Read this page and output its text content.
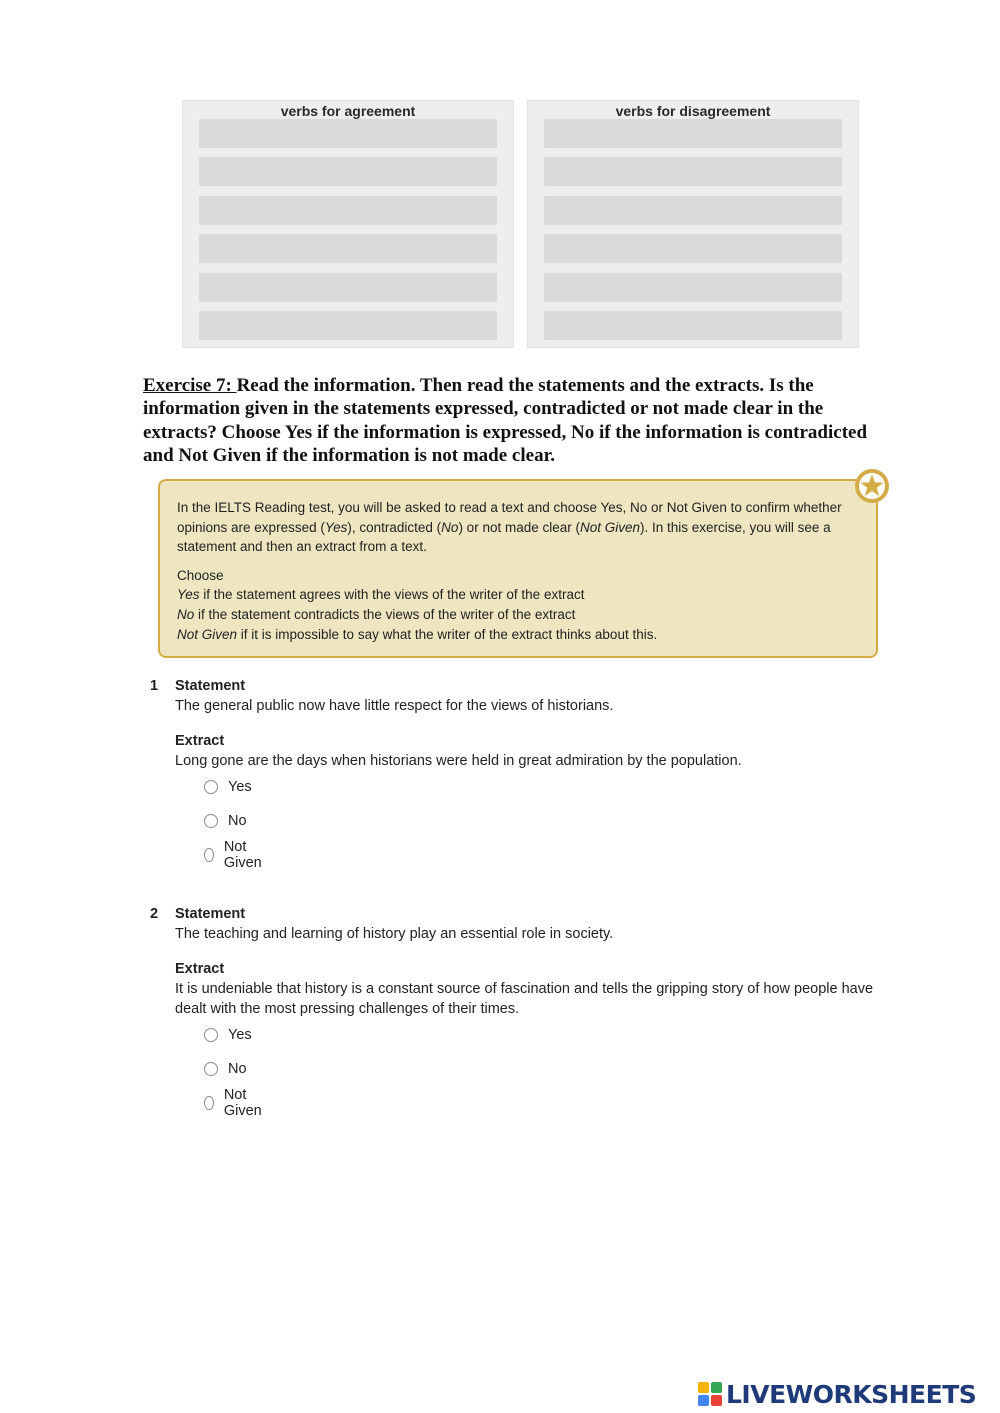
verbs for agreement	verbs for disagreement
Exercise 7: Read the information. Then read the statements and the extracts. Is the information given in the statements expressed, contradicted or not made clear in the extracts? Choose Yes if the information is expressed, No if the information is contradicted and Not Given if the information is not made clear.

In the IELTS Reading test, you will be asked to read a text and choose Yes, No or Not Given to confirm whether opinions are expressed (Yes), contradicted (No) or not made clear (Not Given). In this exercise, you will see a statement and then an extract from a text.

Choose

Yes if the statement agrees with the views of the writer of the extract

No if the statement contradicts the views of the writer of the extract

Not Given if it is impossible to say what the writer of the extract thinks about this.

1 Statement
The general public now have little respect for the views of historians.
Extract
Long gone are the days when historians were held in great admiration by the population.
Yes
No
Not Given
2 Statement
The teaching and learning of history play an essential role in society.
Extract
It is undeniable that history is a constant source of fascination and tells the gripping story of how people have dealt with the most pressing challenges of their times.
Yes
No
Not Given
LIVEWORKSHEETS
